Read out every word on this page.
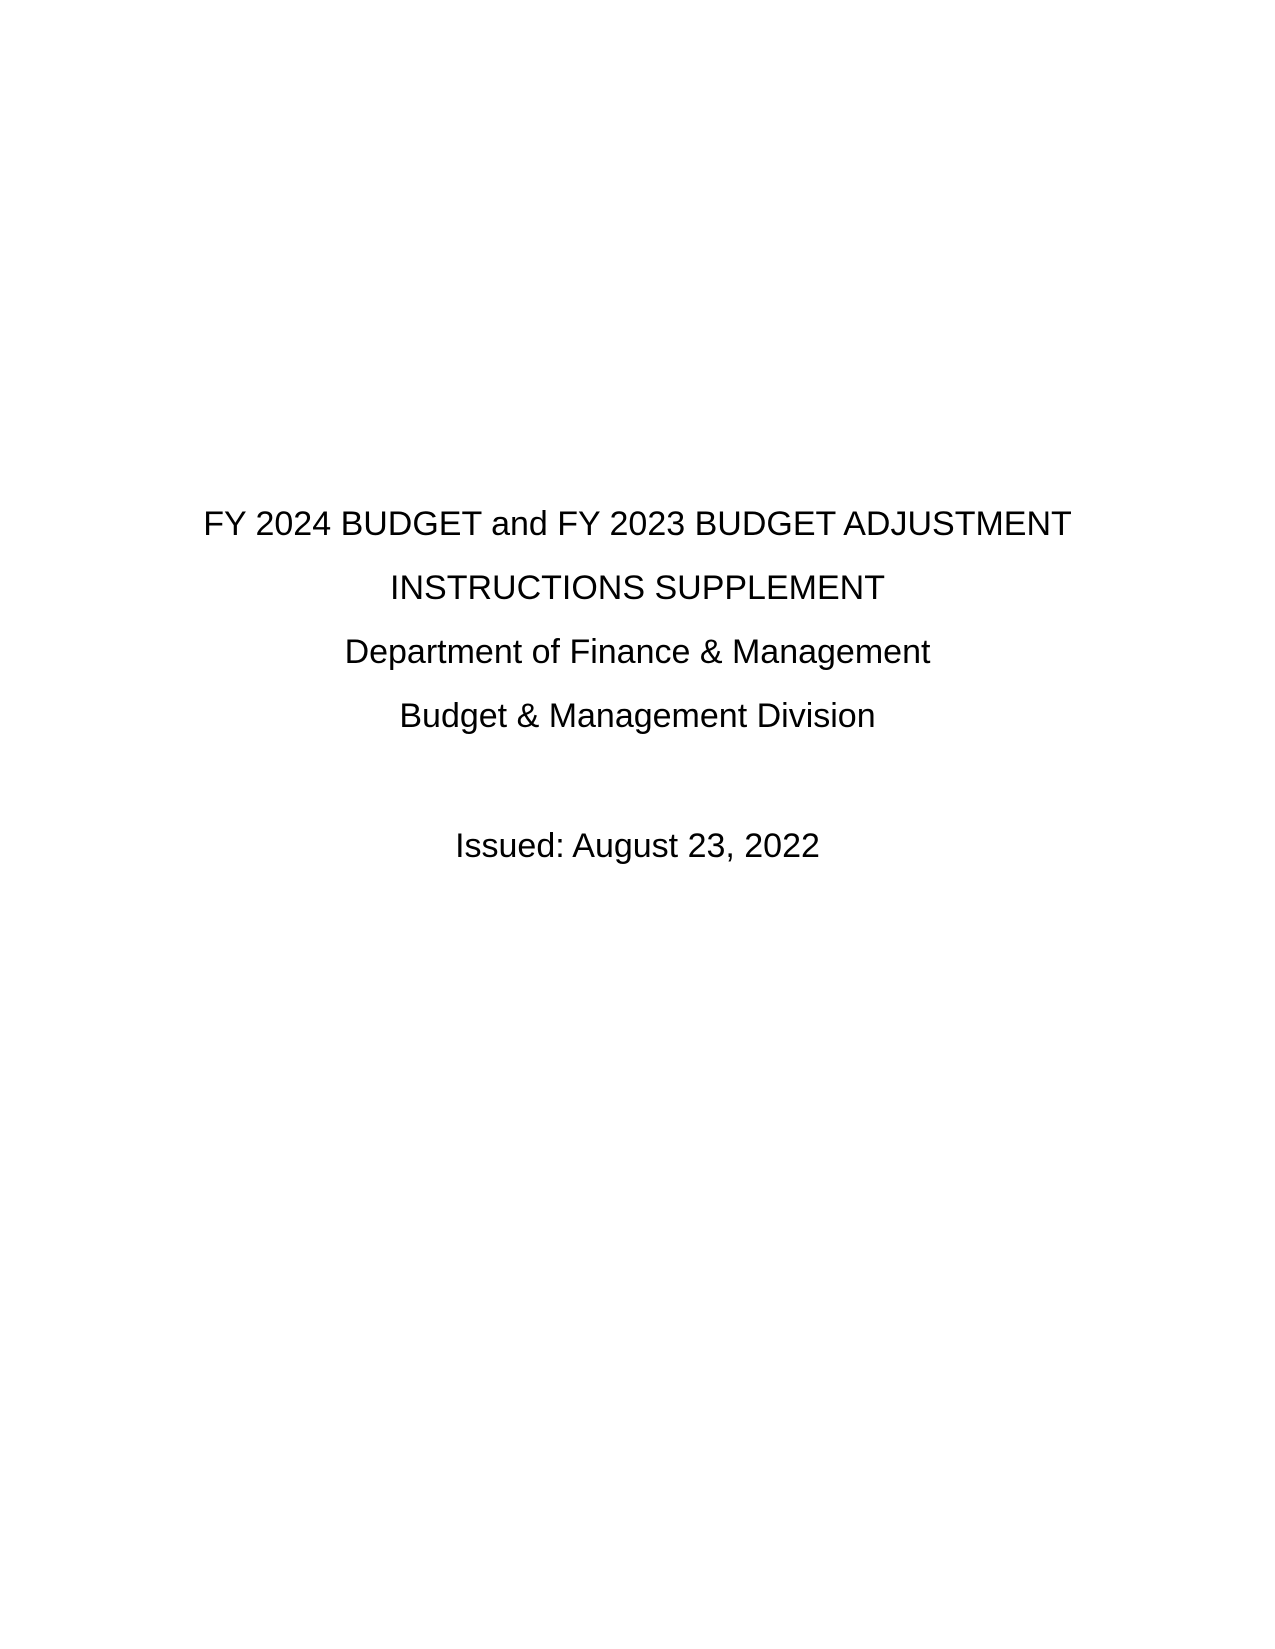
FY 2024 BUDGET and FY 2023 BUDGET ADJUSTMENT

INSTRUCTIONS SUPPLEMENT

Department of Finance & Management

Budget & Management Division

Issued: August 23, 2022
